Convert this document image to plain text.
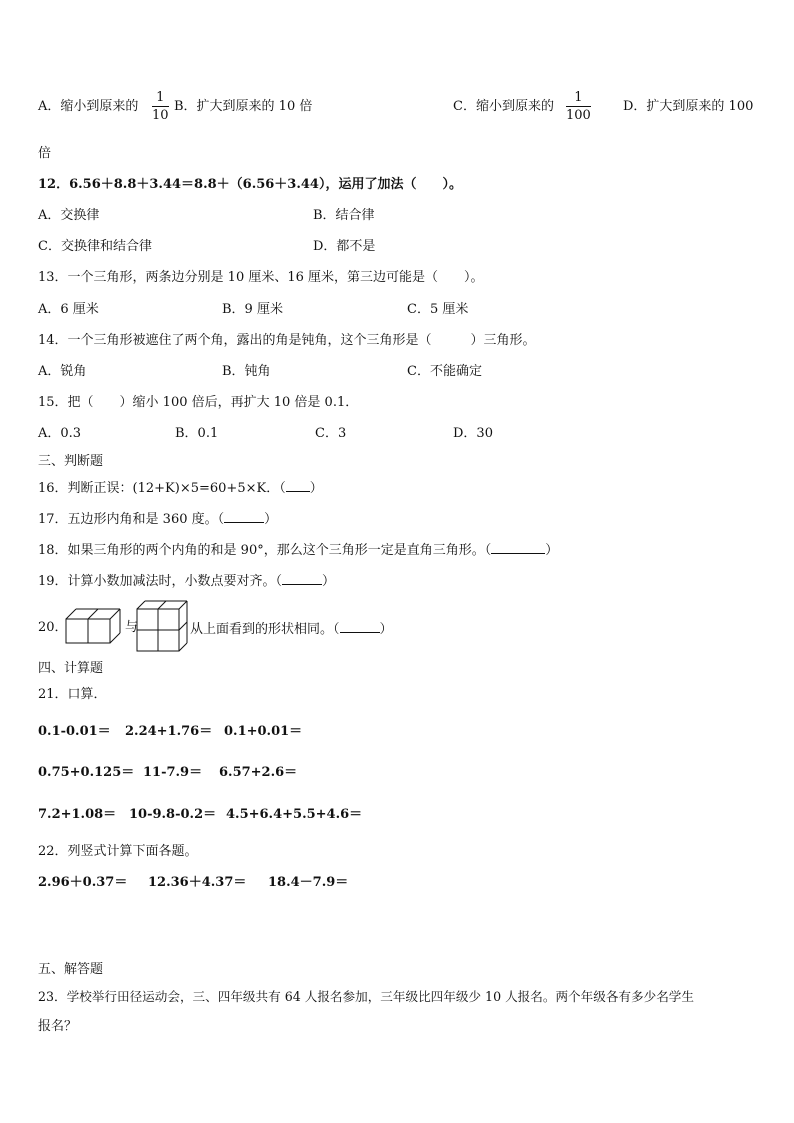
A．缩小到原来的
1
10
B．扩大到原来的 10 倍	C．缩小到原来的
1
100
D．扩大到原来的 100
倍
12．6.56＋8.8＋3.44＝8.8＋（6.56＋3.44），运用了加法（　　）。
A．交换律	B．结合律
C．交换律和结合律	D．都不是
13．一个三角形，两条边分别是 10 厘米、16 厘米，第三边可能是（　　）。
A．6 厘米	B．9 厘米	C．5 厘米
14．一个三角形被遮住了两个角，露出的角是钝角，这个三角形是（　　　）三角形。
A．锐角	B．钝角	C．不能确定
15．把（　　）缩小 100 倍后，再扩大 10 倍是 0.1．
A．0.3	B．0.1	C．3	D．30
三、判断题
16．判断正误：(12+K)×5=60+5×K．（ ）
17．五边形内角和是 360 度。（	）
18．如果三角形的两个内角的和是 90°，那么这个三角形一定是直角三角形。（	）
19．计算小数加减法时，小数点要对齐。（	）
20．	与	从上面看到的形状相同。（	）
四、计算题
21．口算．
0.1-0.01＝ 2.24+1.76＝ 0.1+0.01＝
0.75+0.125＝ 11-7.9＝ 6.57+2.6＝
7.2+1.08＝ 10-9.8-0.2＝ 4.5+6.4+5.5+4.6＝
22．列竖式计算下面各题。
2.96＋0.37＝ 12.36＋4.37＝ 18.4－7.9＝
五、解答题
23．学校举行田径运动会，三、四年级共有 64 人报名参加，三年级比四年级少 10 人报名。两个年级各有多少名学生
报名？
